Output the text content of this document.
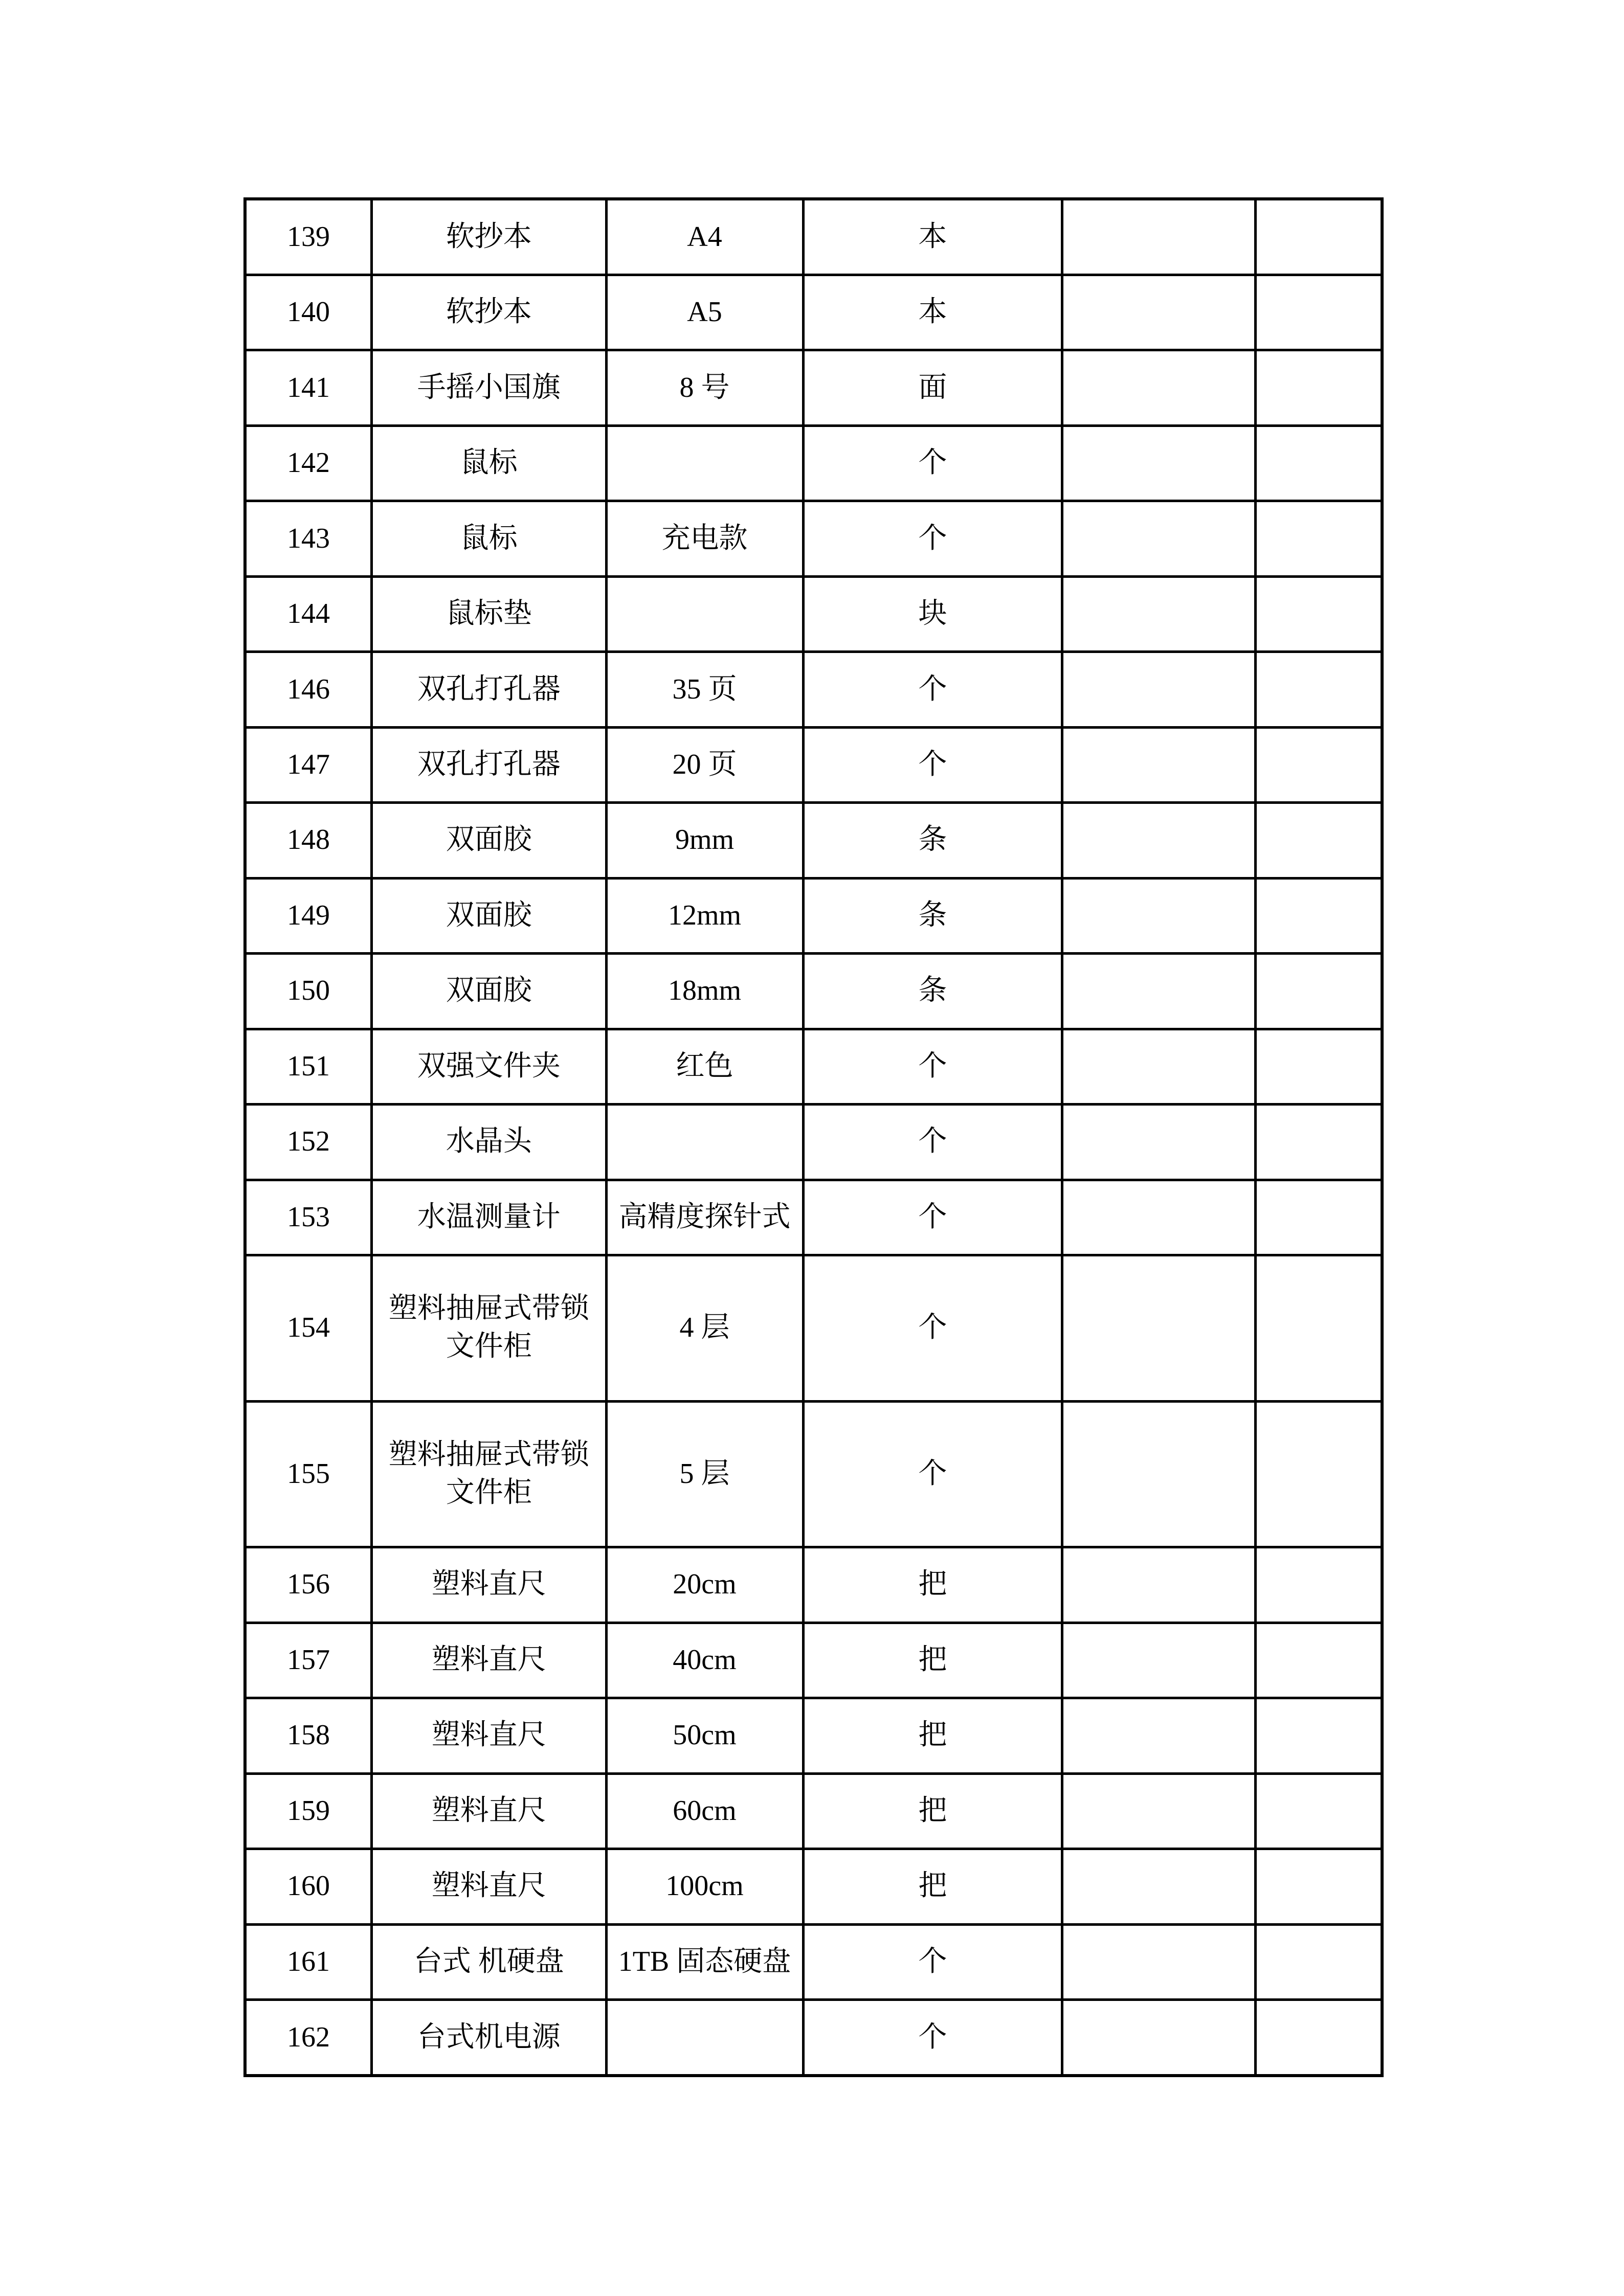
139	软抄本	A4	本		
140	软抄本	A5	本		
141	手摇小国旗	8 号	面		
142	鼠标		个		
143	鼠标	充电款	个		
144	鼠标垫		块		
146	双孔打孔器	35 页	个		
147	双孔打孔器	20 页	个		
148	双面胶	9mm	条		
149	双面胶	12mm	条		
150	双面胶	18mm	条		
151	双强文件夹	红色	个		
152	水晶头		个		
153	水温测量计	高精度探针式	个		
154	塑料抽屉式带锁文件柜	4 层	个		
155	塑料抽屉式带锁文件柜	5 层	个		
156	塑料直尺	20cm	把		
157	塑料直尺	40cm	把		
158	塑料直尺	50cm	把		
159	塑料直尺	60cm	把		
160	塑料直尺	100cm	把		
161	台式 机硬盘	1TB 固态硬盘	个		
162	台式机电源		个		
